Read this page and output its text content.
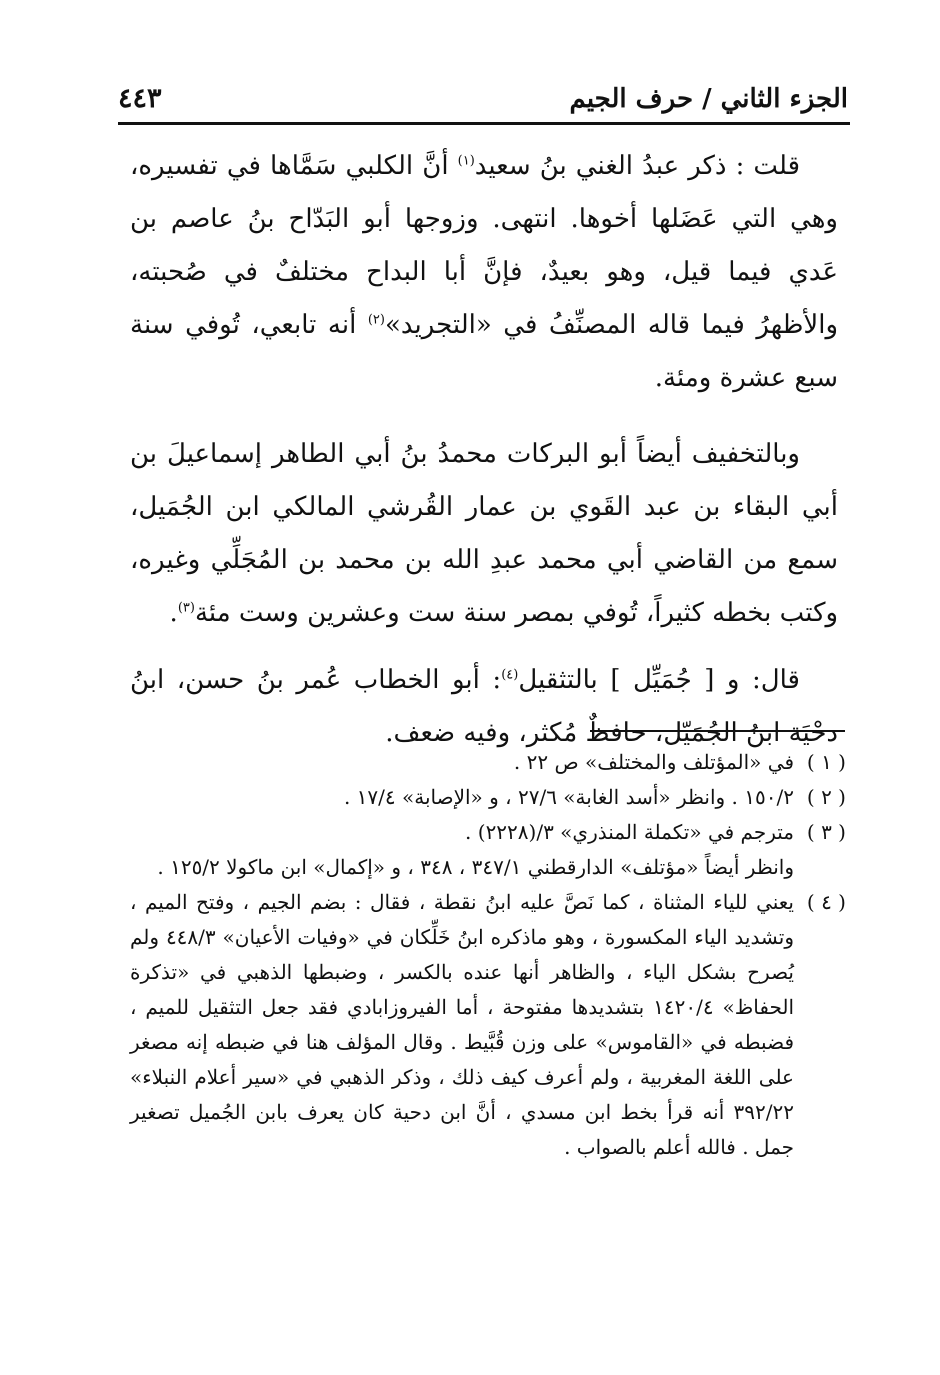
الجزء الثاني / حرف الجيم
٤٤٣

قلت : ذكر عبدُ الغني بنُ سعيد$^{(١)}$ أنَّ الكلبي سَمَّاها في تفسيره، وهي التي عَضَلها أخوها. انتهى. وزوجها أبو البَدّاح بنُ عاصم بن عَدي فيما قيل، وهو بعيدٌ، فإنَّ أبا البداح مختلفٌ في صُحبته، والأظهرُ فيما قاله المصنِّفُ في «التجريد»$^{(٢)}$ أنه تابعي، تُوفي سنة سبع عشرة ومئة.

وبالتخفيف أيضاً أبو البركات محمدُ بنُ أبي الطاهر إسماعيلَ بن أبي البقاء بن عبد القَوي بن عمار القُرشي المالكي ابن الجُمَيل، سمع من القاضي أبي محمد عبدِ الله بن محمد بن المُجَلِّي وغيره، وكتب بخطه كثيراً، تُوفي بمصر سنة ست وعشرين وست مئة$^{(٣)}$.

قال: و [ جُمَيِّل ] بالتثقيل$^{(٤)}$: أبو الخطاب عُمر بنُ حسن، ابنُ دحْيَة ابنُ الجُمَيّل، حافظٌ مُكثر، وفيه ضعف.

( ١ )
في «المؤتلف والمختلف» ص ٢٢ .
( ٢ )
١٥٠/٢ . وانظر «أسد الغابة» ٢٧/٦ ، و «الإصابة» ١٧/٤ .
( ٣ )
مترجم في «تكملة المنذري» ٣/(٢٢٢٨) .
وانظر أيضاً «مؤتلف» الدارقطني ٣٤٧/١ ، ٣٤٨ ، و «إكمال» ابن ماكولا ١٢٥/٢ .
( ٤ )
يعني للياء المثناة ، كما نَصَّ عليه ابنُ نقطة ، فقال : بضم الجيم ، وفتح الميم ، وتشديد الياء المكسورة ، وهو ماذكره ابنُ خَلِّكان في «وفيات الأعيان» ٤٤٨/٣ ولم يُصرح بشكل الياء ، والظاهر أنها عنده بالكسر ، وضبطها الذهبي في «تذكرة الحفاظ» ١٤٢٠/٤ بتشديدها مفتوحة ، أما الفيروزابادي فقد جعل التثقيل للميم ، فضبطه في «القاموس» على وزن قُبَّيط . وقال المؤلف هنا في ضبطه إنه مصغر على اللغة المغربية ، ولم أعرف كيف ذلك ، وذكر الذهبي في «سير أعلام النبلاء» ٣٩٢/٢٢ أنه قرأ بخط ابن مسدي ، أنَّ ابن دحية كان يعرف بابن الجُميل تصغير جمل . فالله أعلم بالصواب .
